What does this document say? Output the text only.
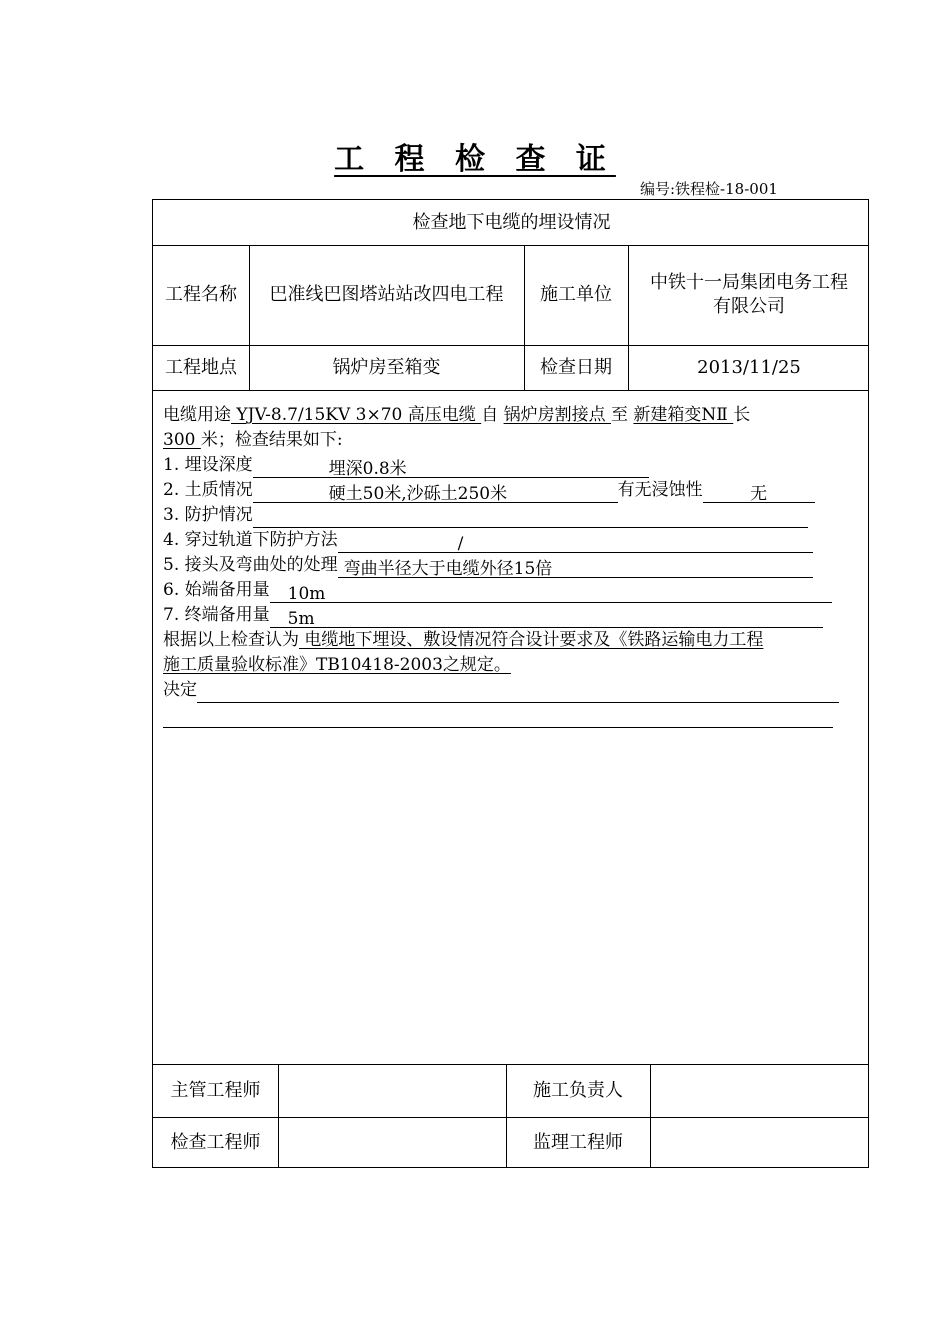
工 程 检 查 证
编号:铁程检-18-001
检查地下电缆的埋设情况
工程名称	巴准线巴图塔站站改四电工程	施工单位
中铁十一局集团电务工程
有限公司
工程地点	锅炉房至箱变	检查日期	2013/11/25
电缆用途 YJV-8.7/15KV 3×70 高压电缆 自 锅炉房割接点 至 新建箱变NⅡ 长
300 米；检查结果如下:
1. 埋设深度	埋深0.8米
2. 土质情况	硬土50米,沙砾土250米	有无浸蚀性	无
3. 防护情况
4. 穿过轨道下防护方法	/
5. 接头及弯曲处的处理 弯曲半径大于电缆外径15倍
6. 始端备用量 10m
7. 终端备用量 5m
根据以上检查认为 电缆地下埋设、敷设情况符合设计要求及《铁路运输电力工程
施工质量验收标准》TB10418-2003之规定。
决定
主管工程师	施工负责人
检查工程师	监理工程师
